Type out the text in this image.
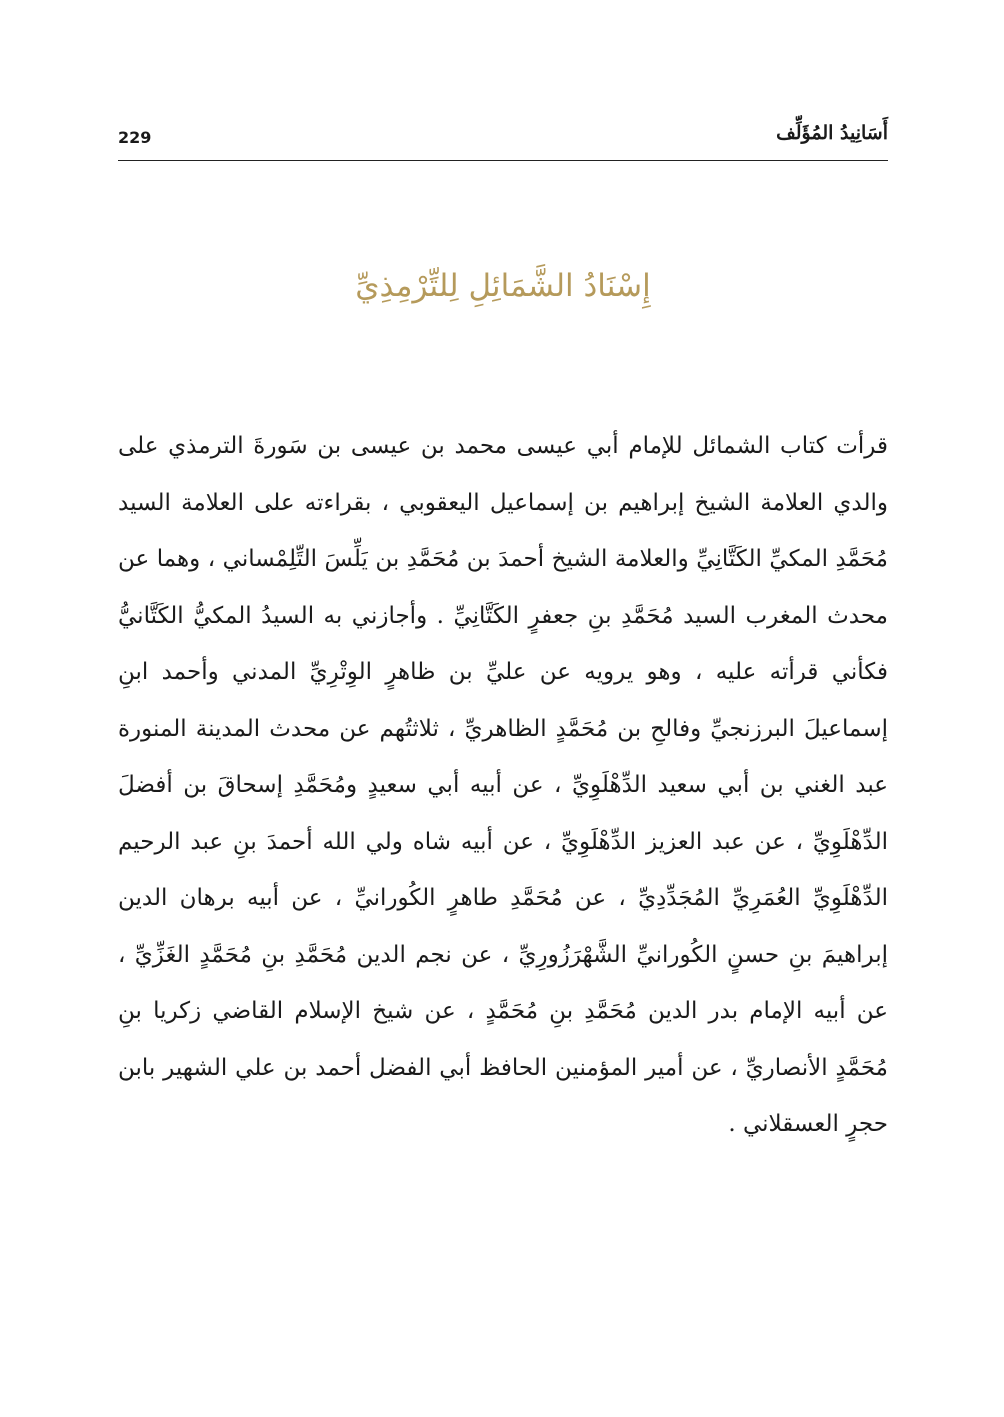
229	أَسَانِيدُ المُؤَلِّف
إِسْنَادُ الشَّمَائِلِ لِلتِّرْمِذِيِّ

قرأت كتاب الشمائل للإمام أبي عيسى محمد بن عيسى بن سَورةَ الترمذي على والدي العلامة الشيخ إبراهيم بن إسماعيل اليعقوبي ، بقراءته على العلامة السيد مُحَمَّدِ المكيِّ الكَتَّانِيِّ والعلامة الشيخ أحمدَ بن مُحَمَّدِ بن يَلِّسَ التِّلِمْساني ، وهما عن محدث المغرب السيد مُحَمَّدِ بنِ جعفرٍ الكَتَّانِيِّ . وأجازني به السيدُ المكيُّ الكَتَّانيُّ فكأني قرأته عليه ، وهو يرويه عن عليِّ بن ظاهرٍ الوِتْرِيِّ المدني وأحمد ابنِ إسماعيلَ البرزنجيِّ وفالحِ بن مُحَمَّدٍ الظاهريِّ ، ثلاثتُهم عن محدث المدينة المنورة عبد الغني بن أبي سعيد الدِّهْلَوِيِّ ، عن أبيه أبي سعيدٍ ومُحَمَّدِ إسحاقَ بن أفضلَ الدِّهْلَوِيِّ ، عن عبد العزيز الدِّهْلَوِيِّ ، عن أبيه شاه ولي الله أحمدَ بنِ عبد الرحيم الدِّهْلَوِيِّ العُمَرِيِّ المُجَدِّدِيِّ ، عن مُحَمَّدِ طاهرٍ الكُورانيِّ ، عن أبيه برهان الدين إبراهيمَ بنِ حسنٍ الكُورانيِّ الشَّهْرَزُورِيِّ ، عن نجم الدين مُحَمَّدِ بنِ مُحَمَّدٍ الغَزِّيِّ ، عن أبيه الإمام بدر الدين مُحَمَّدِ بنِ مُحَمَّدٍ ، عن شيخ الإسلام القاضي زكريا بنِ مُحَمَّدٍ الأنصاريِّ ، عن أمير المؤمنين الحافظ أبي الفضل أحمد بن علي الشهير بابن حجرٍ العسقلاني .
